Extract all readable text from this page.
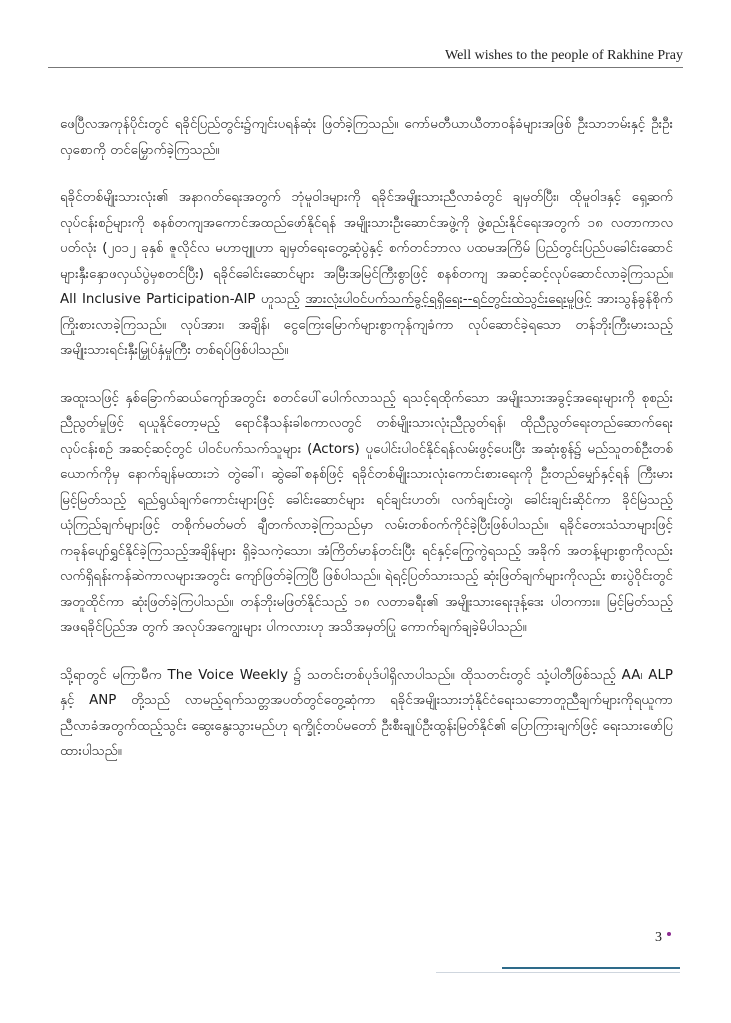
Well wishes to the people of Rakhine Pray

ဖေပြီလအကုန်ပိုင်းတွင် ရခိုင်ပြည်တွင်း၌ကျင်းပရန်ဆုံး ဖြတ်ခဲ့ကြသည်။ ကော်မတီယာယီတာဝန်ခံများအဖြစ် ဦးသာဘမ်းနှင့် ဦးဦးလှစောကို တင်မြှောက်ခဲ့ကြသည်။

ရခိုင်တစ်မျိုးသားလုံး၏ အနာဂတ်ရေးအတွက် ဘုံမူဝါဒများကို ရခိုင်အမျိုးသားညီလာခံတွင် ချမှတ်ပြီး၊ ထိုမူဝါဒနှင့် ရှေ့ဆက်လုပ်ငန်းစဉ်များကို စနစ်တကျအကောင်အထည်ဖော်နိုင်ရန် အမျိုးသားဦးဆောင်အဖွဲ့ကို ဖွဲ့စည်းနိုင်ရေးအတွက် ၁၈ လတာကာလပတ်လုံး (၂၀၁၂ ခုနှစ် ဇူလိုင်လ မဟာဗျူဟာ ချမှတ်ရေးတွေ့ဆုံပွဲနှင့် စက်တင်ဘာလ ပထမအကြိမ် ပြည်တွင်းပြည်ပခေါင်းဆောင်များနှီးနှောဖလှယ်ပွဲမှစတင်ပြီး) ရခိုင်ခေါင်းဆောင်များ အမြီးအမြင်ကြီးစွာဖြင့် စနစ်တကျ အဆင့်ဆင့်လုပ်ဆောင်လာခဲ့ကြသည်။ All Inclusive Participation-AIP ဟူသည့် အားလုံးပါဝင်ပက်သက်ခွင့်ရရှိရေး--ရင်တွင်းထဲသွင်းရေးမူဖြင့် အားသွန်ခွန်စိုက်ကြိုးစားလာခဲ့ကြသည်။ လုပ်အား၊ အချိန်၊ ငွေကြေးမြောက်များစွာကုန်ကျခံကာ လုပ်ဆောင်ခဲ့ရသော တန်ဘိုးကြီးမားသည့် အမျိုးသားရင်းနှီးမြှုပ်နှံမှုကြီး တစ်ရပ်ဖြစ်ပါသည်။

အထူးသဖြင့် နှစ်ခြောက်ဆယ်ကျော်အတွင်း စတင်ပေါ်ပေါက်လာသည့် ရသင့်ရထိုက်သော အမျိုးသားအခွင့်အရေးများကို စုစည်းညီညွတ်မှုဖြင့် ရယူနိုင်တော့မည့် ရောင်နီသန်းခါစကာလတွင် တစ်မျိုးသားလုံးညီညွတ်ရန်၊ ထိုညီညွတ်ရေးတည်ဆောက်ရေးလုပ်ငန်းစဉ် အဆင့်ဆင့်တွင် ပါဝင်ပက်သက်သူများ (Actors) ပူပေါင်းပါဝင်နိုင်ရန်လမ်းဖွင့်ပေးပြီး အဆုံးစွန်၌ မည်သူတစ်ဦးတစ်ယောက်ကိုမှ နောက်ချန်မထားဘဲ တွဲခေါ်၊ ဆွဲခေါ်စနစ်ဖြင့် ရခိုင်တစ်မျိုးသားလုံးကောင်းစားရေးကို ဦးတည်မျှော်နှင့်ရန် ကြီးမားမြင့်မြတ်သည့် ရည်ရွယ်ချက်ကောင်းများဖြင့် ခေါင်းဆောင်များ ရင်ချင်းဟတ်၊ လက်ချင်းတွဲ၊ ခေါင်းချင်းဆိုင်ကာ ခိုင်မြဲသည့် ယုံကြည်ချက်များဖြင့် တစိုက်မတ်မတ် ချီတက်လာခဲ့ကြသည်မှာ လမ်းတစ်ဝက်ကိုင်ခဲ့ပြီးဖြစ်ပါသည်။ ရခိုင်တေးသံသာများဖြင့် ကခုန်ပျော်ရွှင်နိုင်ခဲ့ကြသည့်အချိန်များ ရှိခဲ့သကဲ့သော၊ အံကြိတ်မာန်တင်းပြီး ရင်နှင့်ကြွေကွဲရသည့် အခိုက် အတန့်များစွာကိုလည်း လက်ရှိရန်းကန်ဆဲကာလများအတွင်း ကျော်ဖြတ်ခဲ့ကြပြီ ဖြစ်ပါသည်။ ရဲရင့်ပြတ်သားသည့် ဆုံးဖြတ်ချက်များကိုလည်း စားပွဲဝိုင်းတွင်အတူထိုင်ကာ ဆုံးဖြတ်ခဲ့ကြပါသည်။ တန်ဘိုးမဖြတ်နိုင်သည့် ၁၈ လတာခရီး၏ အမျိုးသားရေးဒုန့်ဒေး ပါတကား။ မြင့်မြတ်သည့် အဖရခိုင်ပြည်အ တွက် အလုပ်အကျွေးများ ပါကလားဟု အသိအမှတ်ပြု ကောက်ချက်ချခဲ့မိပါသည်။

သို့ရာတွင် မကြာမီက The Voice Weekly ၌ သတင်းတစ်ပုဒ်ပါရှိလာပါသည်။ ထိုသတင်းတွင် သုံ့ပါတီဖြစ်သည့် AA၊ ALP နှင့် ANP တို့သည် လာမည့်ရက်သတ္တအပတ်တွင်တွေ့ဆုံကာ ရခိုင်အမျိုးသားဘုံနိုင်ငံရေးသဘောတူညီချက်များကိုရယူကာ ညီလာခံအတွက်ထည့်သွင်း ဆွေးနွေးသွားမည်ဟု ရက္ခိုင့်တပ်မတော် ဦးစီးချုပ်ဦးထွန်းမြတ်နိုင်၏ ပြောကြားချက်ဖြင့် ရေးသားဖော်ပြထားပါသည်။

3
